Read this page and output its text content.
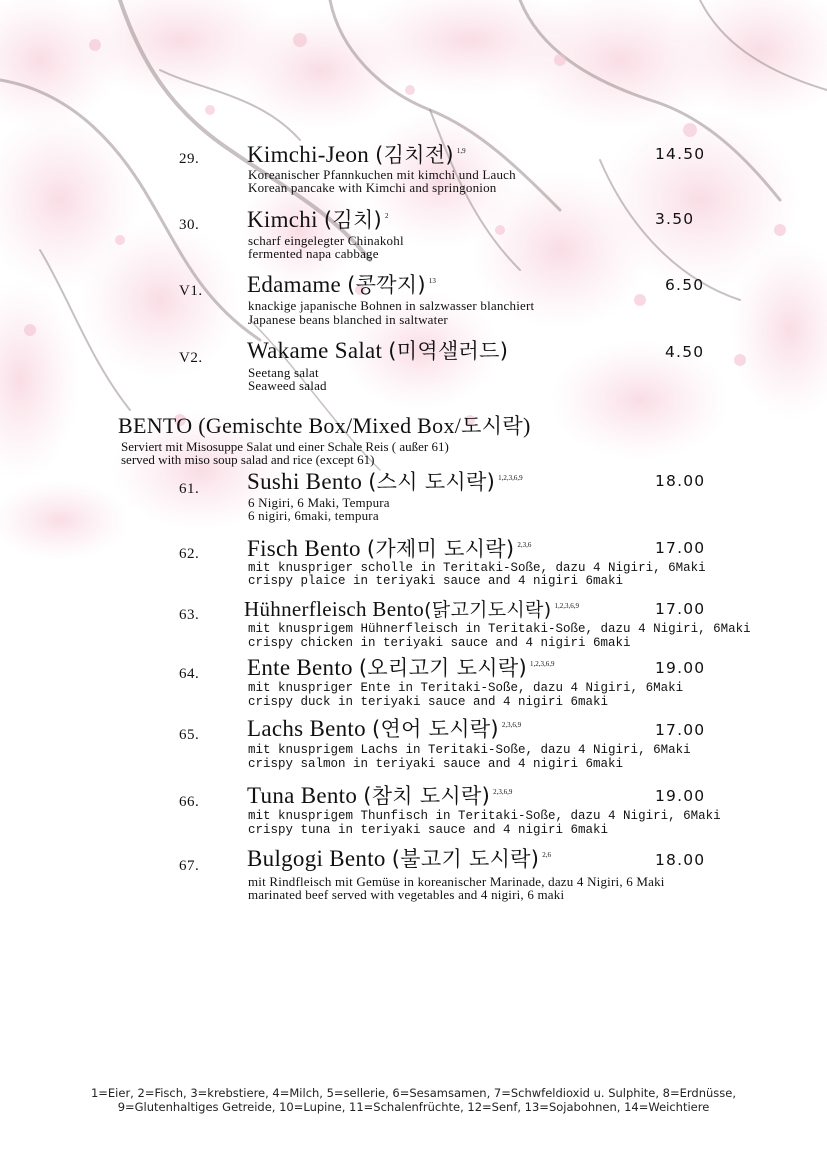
29. Kimchi-Jeon (김치전) $^{1,9}$	14.50
Koreanischer Pfannkuchen mit kimchi und Lauch
Korean pancake with Kimchi and springonion
30. Kimchi (김치) $^2$	3.50
scharf eingelegter Chinakohl
fermented napa cabbage
V1. Edamame (콩깍지) $^{13}$	6.50
knackige japanische Bohnen in salzwasser blanchiert
Japanese beans blanched in saltwater
V2. Wakame Salat (미역샐러드)	4.50
Seetang salat
Seaweed salad
BENTO (Gemischte Box/Mixed Box/도시락)
Serviert mit Misosuppe Salat und einer Schale Reis ( außer 61)
served with miso soup salad and rice (except 61)
61. Sushi Bento (스시 도시락) $^{1,2,3,6,9}$	18.00
6 Nigiri, 6 Maki, Tempura
6 nigiri, 6maki, tempura
62. Fisch Bento (가제미 도시락) $^{2,3,6}$	17.00
mit knuspriger scholle in Teritaki-Soße, dazu 4 Nigiri, 6Maki
crispy plaice in teriyaki sauce and 4 nigiri 6maki
63. Hühnerfleisch Bento(닭고기도시락) $^{1,2,3,6,9}$	17.00
mit knusprigem Hühnerfleisch in Teritaki-Soße, dazu 4 Nigiri, 6Maki
crispy chicken in teriyaki sauce and 4 nigiri 6maki
64. Ente Bento (오리고기 도시락) $^{1,2,3,6,9}$	19.00
mit knuspriger Ente in Teritaki-Soße, dazu 4 Nigiri, 6Maki
crispy duck in teriyaki sauce and 4 nigiri 6maki
65. Lachs Bento (연어 도시락) $^{2,3,6,9}$	17.00
mit knusprigem Lachs in Teritaki-Soße, dazu 4 Nigiri, 6Maki
crispy salmon in teriyaki sauce and 4 nigiri 6maki
66. Tuna Bento (참치 도시락) $^{2,3,6,9}$	19.00
mit knusprigem Thunfisch in Teritaki-Soße, dazu 4 Nigiri, 6Maki
crispy tuna in teriyaki sauce and 4 nigiri 6maki
67. Bulgogi Bento (불고기 도시락) $^{2,6}$	18.00
mit Rindfleisch mit Gemüse in koreanischer Marinade, dazu 4 Nigiri, 6 Maki
marinated beef served with vegetables and 4 nigiri, 6 maki
1=Eier, 2=Fisch, 3=krebstiere, 4=Milch, 5=sellerie, 6=Sesamsamen, 7=Schwfeldioxid u. Sulphite, 8=Erdnüsse,
9=Glutenhaltiges Getreide, 10=Lupine, 11=Schalenfrüchte, 12=Senf, 13=Sojabohnen, 14=Weichtiere
